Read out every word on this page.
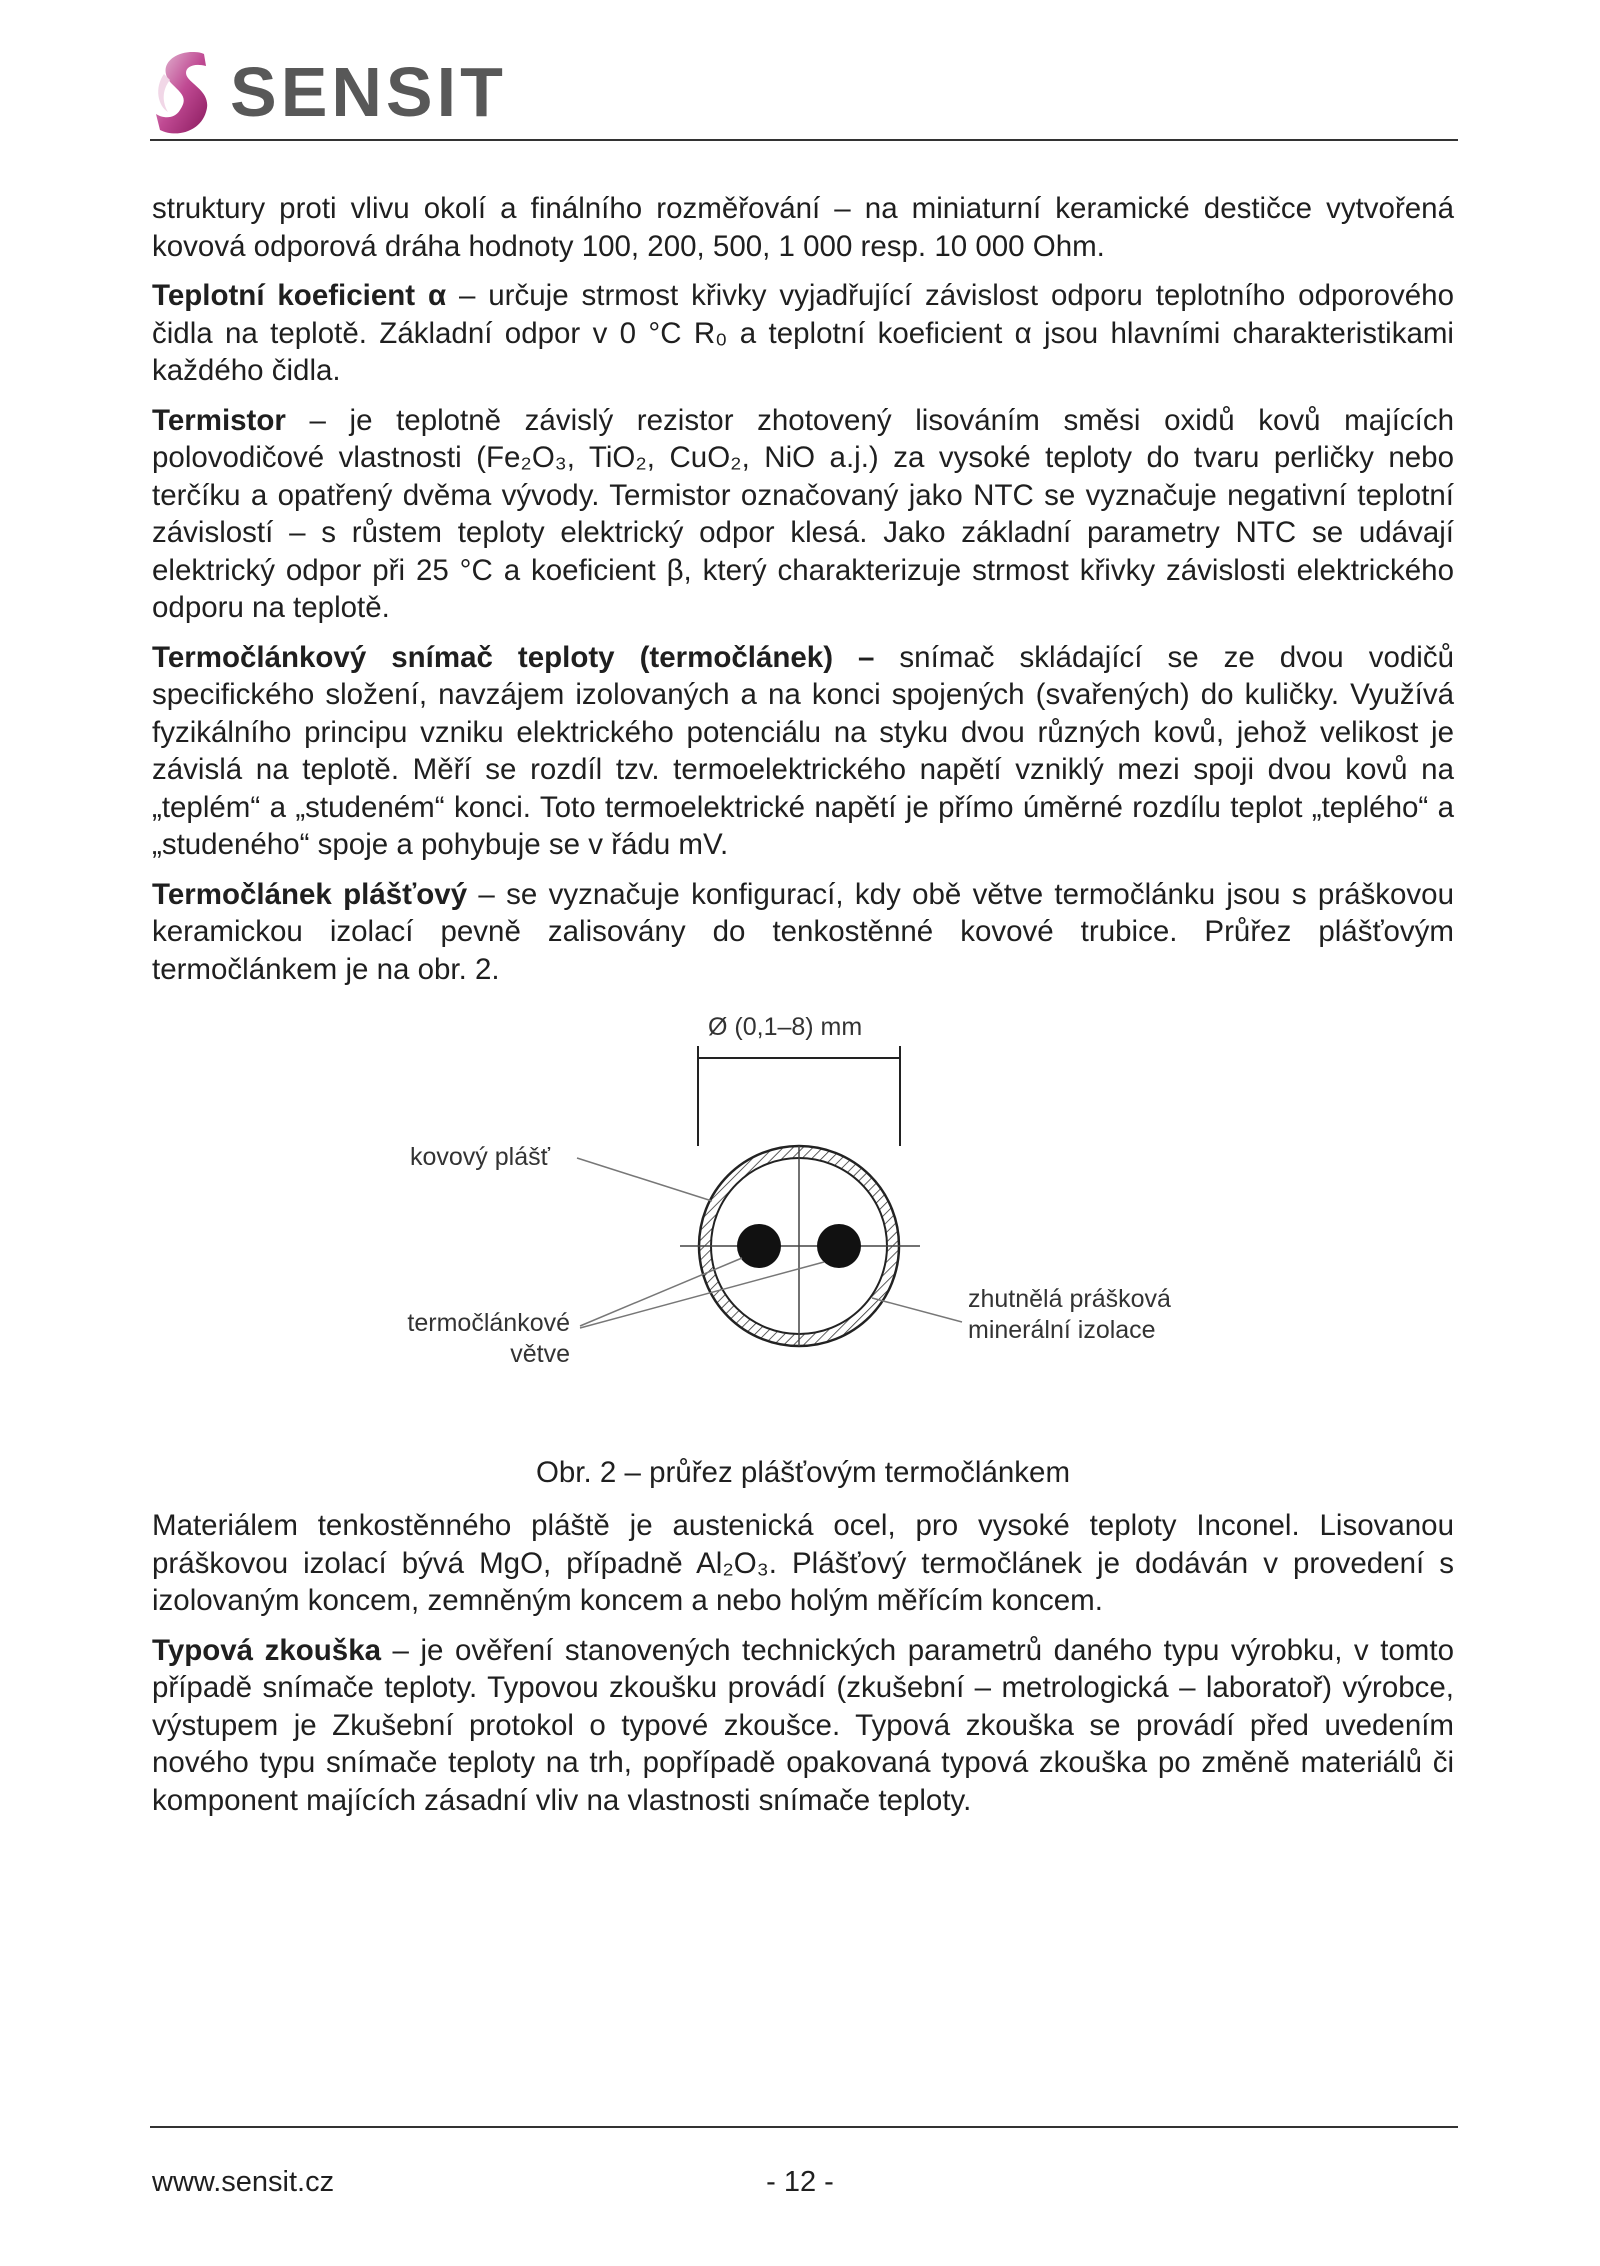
SENSIT

struktury proti vlivu okolí a finálního rozměřování – na miniaturní keramické destičce vytvořená kovová odporová dráha hodnoty 100, 200, 500, 1 000 resp. 10 000 Ohm.

Teplotní koeficient α – určuje strmost křivky vyjadřující závislost odporu teplotního odporového čidla na teplotě. Základní odpor v 0 °C R₀ a teplotní koeficient α jsou hlavními charakteristikami každého čidla.

Termistor – je teplotně závislý rezistor zhotovený lisováním směsi oxidů kovů majících polovodičové vlastnosti (Fe₂O₃, TiO₂, CuO₂, NiO a.j.) za vysoké teploty do tvaru perličky nebo terčíku a opatřený dvěma vývody. Termistor označovaný jako NTC se vyznačuje negativní teplotní závislostí – s růstem teploty elektrický odpor klesá. Jako základní parametry NTC se udávají elektrický odpor při 25 °C a koeficient β, který charakterizuje strmost křivky závislosti elektrického odporu na teplotě.

Termočlánkový snímač teploty (termočlánek) – snímač skládající se ze dvou vodičů specifického složení, navzájem izolovaných a na konci spojených (svařených) do kuličky. Využívá fyzikálního principu vzniku elektrického potenciálu na styku dvou různých kovů, jehož velikost je závislá na teplotě. Měří se rozdíl tzv. termoelektrického napětí vzniklý mezi spoji dvou kovů na „teplém“ a „studeném“ konci. Toto termoelektrické napětí je přímo úměrné rozdílu teplot „teplého“ a „studeného“ spoje a pohybuje se v řádu mV.

Termočlánek plášťový – se vyznačuje konfigurací, kdy obě větve termočlánku jsou s práškovou keramickou izolací pevně zalisovány do tenkostěnné kovové trubice. Průřez plášťovým termočlánkem je na obr. 2.

Ø (0,1–8) mm
kovový plášť
termočlánkové
větve
zhutnělá prášková
minerální izolace
Obr. 2 – průřez plášťovým termočlánkem

Materiálem tenkostěnného pláště je austenická ocel, pro vysoké teploty Inconel. Lisovanou práškovou izolací bývá MgO, případně Al₂O₃. Plášťový termočlánek je dodáván v provedení s izolovaným koncem, zemněným koncem a nebo holým měřícím koncem.

Typová zkouška – je ověření stanovených technických parametrů daného typu výrobku, v tomto případě snímače teploty. Typovou zkoušku provádí (zkušební – metrologická – laboratoř) výrobce, výstupem je Zkušební protokol o typové zkoušce. Typová zkouška se provádí před uvedením nového typu snímače teploty na trh, popřípadě opakovaná typová zkouška po změně materiálů či komponent majících zásadní vliv na vlastnosti snímače teploty.

www.sensit.cz	- 12 -
